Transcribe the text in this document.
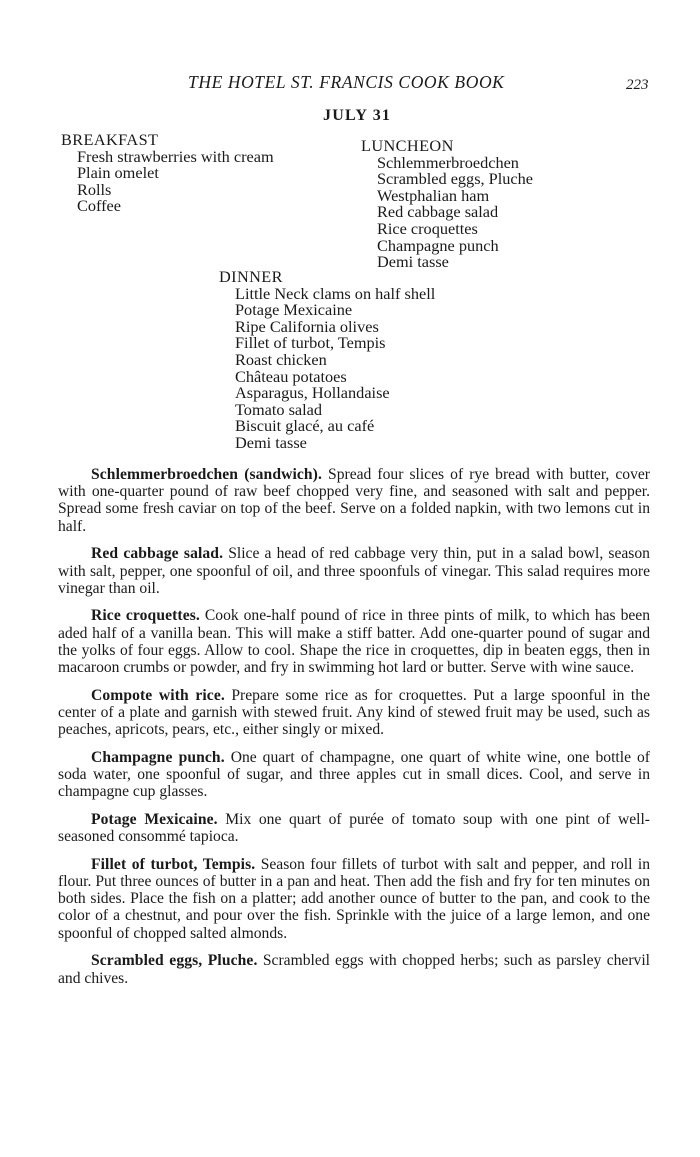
THE HOTEL ST. FRANCIS COOK BOOK	223
JULY 31
BREAKFAST
Fresh strawberries with cream
Plain omelet
Rolls
Coffee
LUNCHEON
Schlemmerbroedchen
Scrambled eggs, Pluche
Westphalian ham
Red cabbage salad
Rice croquettes
Champagne punch
Demi tasse
DINNER
Little Neck clams on half shell
Potage Mexicaine
Ripe California olives
Fillet of turbot, Tempis
Roast chicken
Château potatoes
Asparagus, Hollandaise
Tomato salad
Biscuit glacé, au café
Demi tasse

Schlemmerbroedchen (sandwich). Spread four slices of rye bread with butter, cover with one-quarter pound of raw beef chopped very fine, and seasoned with salt and pepper. Spread some fresh caviar on top of the beef. Serve on a folded napkin, with two lemons cut in half.

Red cabbage salad. Slice a head of red cabbage very thin, put in a salad bowl, season with salt, pepper, one spoonful of oil, and three spoonfuls of vinegar. This salad requires more vinegar than oil.

Rice croquettes. Cook one-half pound of rice in three pints of milk, to which has been aded half of a vanilla bean. This will make a stiff batter. Add one-quarter pound of sugar and the yolks of four eggs. Allow to cool. Shape the rice in croquettes, dip in beaten eggs, then in macaroon crumbs or powder, and fry in swimming hot lard or butter. Serve with wine sauce.

Compote with rice. Prepare some rice as for croquettes. Put a large spoonful in the center of a plate and garnish with stewed fruit. Any kind of stewed fruit may be used, such as peaches, apricots, pears, etc., either singly or mixed.

Champagne punch. One quart of champagne, one quart of white wine, one bottle of soda water, one spoonful of sugar, and three apples cut in small dices. Cool, and serve in champagne cup glasses.

Potage Mexicaine. Mix one quart of purée of tomato soup with one pint of well-seasoned consommé tapioca.

Fillet of turbot, Tempis. Season four fillets of turbot with salt and pepper, and roll in flour. Put three ounces of butter in a pan and heat. Then add the fish and fry for ten minutes on both sides. Place the fish on a platter; add another ounce of butter to the pan, and cook to the color of a chestnut, and pour over the fish. Sprinkle with the juice of a large lemon, and one spoonful of chopped salted almonds.

Scrambled eggs, Pluche. Scrambled eggs with chopped herbs; such as parsley chervil and chives.
